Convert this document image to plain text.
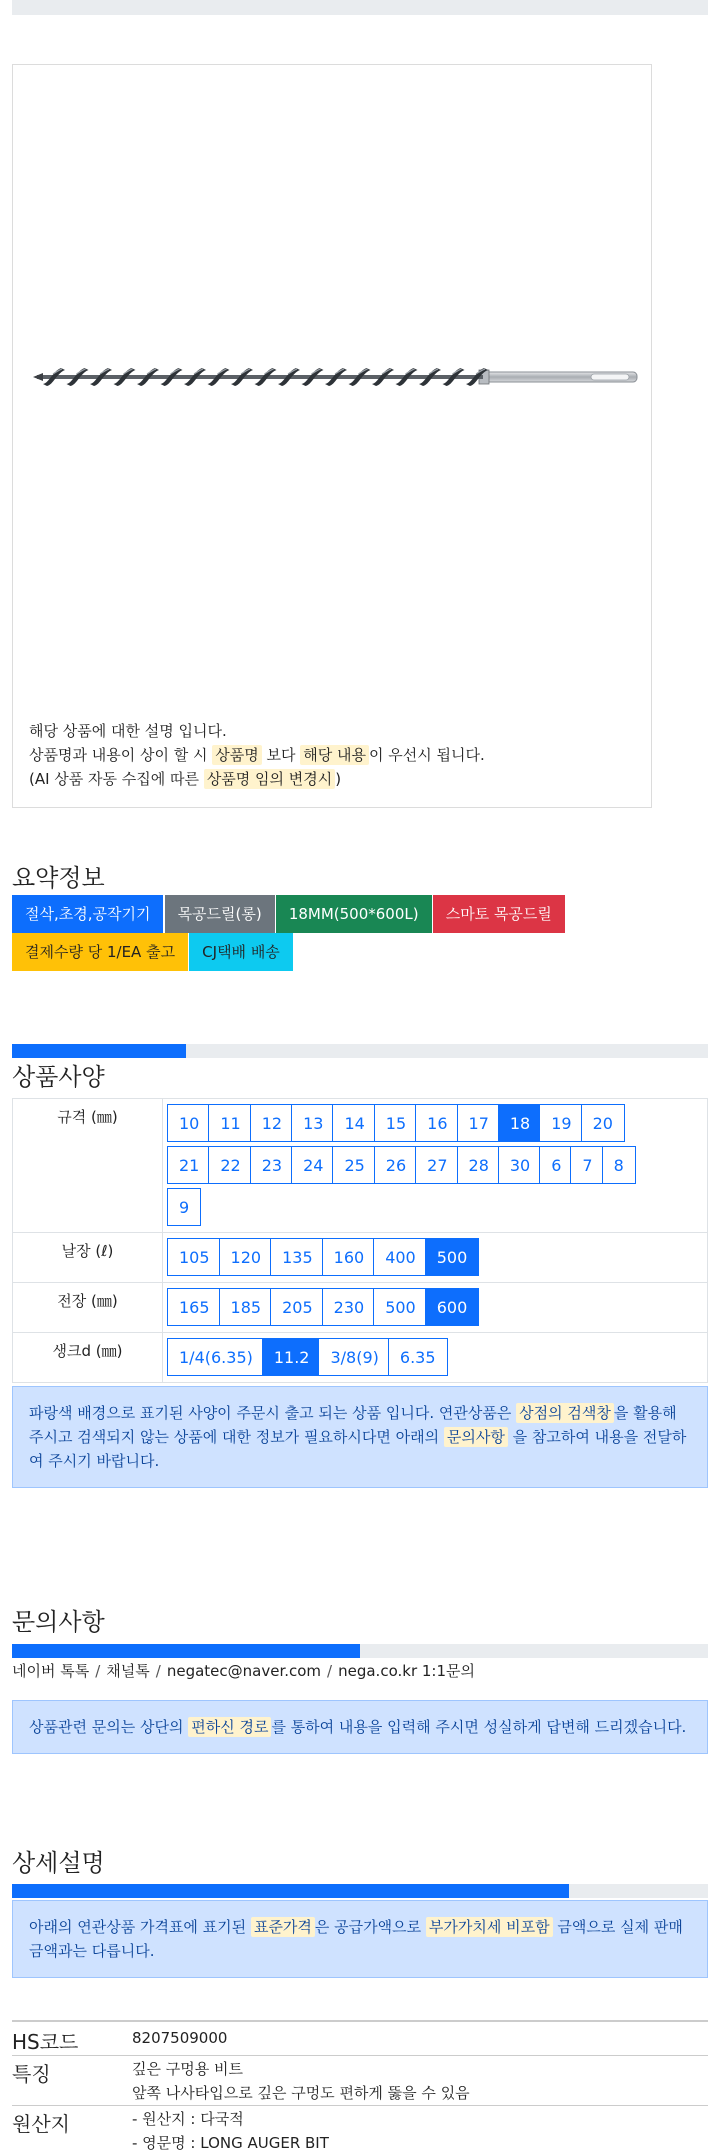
해당 상품에 대한 설명 입니다.
상품명과 내용이 상이 할 시 상품명 보다 해당 내용 이 우선시 됩니다.
(AI 상품 자동 수집에 따른 상품명 임의 변경시 )
요약정보
절삭,초경,공작기기 목공드릴(롱) 18MM(500*600L) 스마토 목공드릴
결제수량 당 1/EA 출고 CJ택배 배송
상품사양
규격 (㎜)	10 11 12 13 14 15 16 17 18 19 20
21 22 23 24 25 26 27 28 30 6 7 8
9
날장 (ℓ)	105 120 135 160 400 500
전장 (㎜)	165 185 205 230 500 600
생크d (㎜)	1/4(6.35) 11.2 3/8(9) 6.35
파랑색 배경으로 표기된 사양이 주문시 출고 되는 상품 입니다. 연관상품은 상점의 검색창 을 활용해 주시고 검색되지 않는 상품에 대한 정보가 필요하시다면 아래의 문의사항 을 참고하여 내용을 전달하여 주시기 바랍니다.
문의사항
네이버 톡톡 / 채널톡 / negatec@naver.com / nega.co.kr 1:1문의
상품관련 문의는 상단의 편하신 경로 를 통하여 내용을 입력해 주시면 성실하게 답변해 드리겠습니다.
상세설명
아래의 연관상품 가격표에 표기된 표준가격 은 공급가액으로 부가가치세 비포함 금액으로 실제 판매금액과는 다릅니다.
HS코드	8207509000
특징	깊은 구멍용 비트
앞쪽 나사타입으로 깊은 구멍도 편하게 뚫을 수 있음
원산지	- 원산지 : 다국적
- 영문명 : LONG AUGER BIT
